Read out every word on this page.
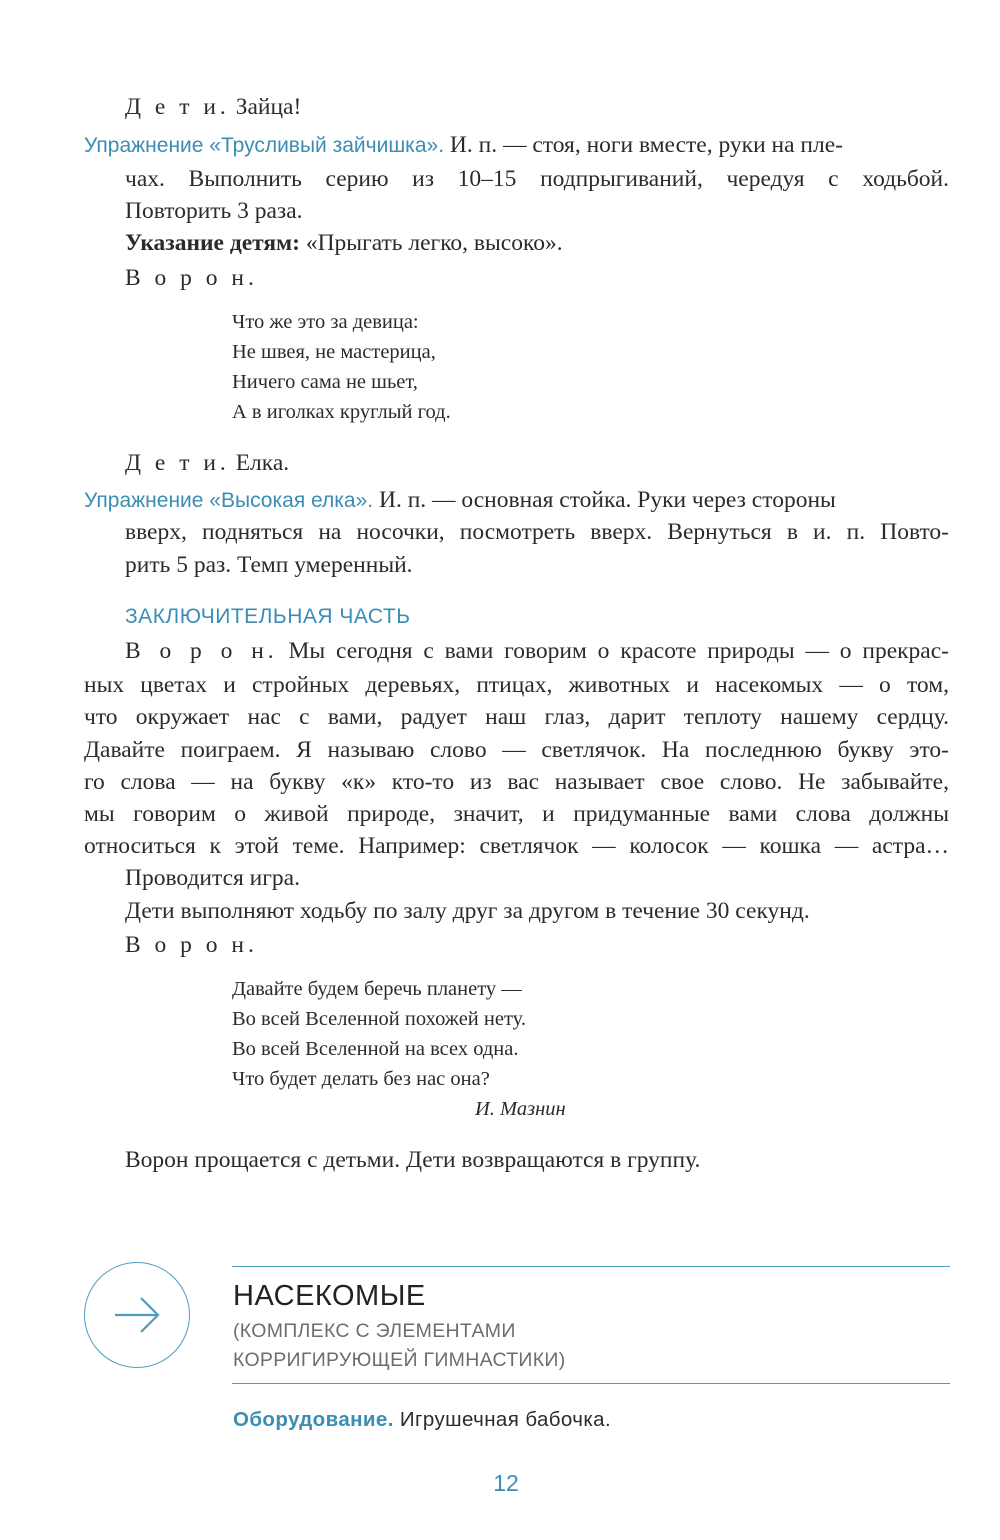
Д е т и. Зайца!
Упражнение «Трусливый зайчишка». И. п. — стоя, ноги вместе, руки на пле-
чах. Выполнить серию из 10–15 подпрыгиваний, чередуя с ходьбой.
Повторить 3 раза.
Указание детям: «Прыгать легко, высоко».
В о р о н.
Что же это за девица:
Не швея, не мастерица,
Ничего сама не шьет,
А в иголках круглый год.
Д е т и. Елка.
Упражнение «Высокая елка». И. п. — основная стойка. Руки через стороны
вверх, подняться на носочки, посмотреть вверх. Вернуться в и. п. Повто-
рить 5 раз. Темп умеренный.
ЗАКЛЮЧИТЕЛЬНАЯ ЧАСТЬ
В о р о н. Мы сегодня с вами говорим о красоте природы — о прекрас-
ных цветах и стройных деревьях, птицах, животных и насекомых — о том,
что окружает нас с вами, радует наш глаз, дарит теплоту нашему сердцу.
Давайте поиграем. Я называю слово — светлячок. На последнюю букву это-
го слова — на букву «к» кто-то из вас называет свое слово. Не забывайте,
мы говорим о живой природе, значит, и придуманные вами слова должны
относиться к этой теме. Например: светлячок — колосок — кошка — астра…
Проводится игра.
Дети выполняют ходьбу по залу друг за другом в течение 30 секунд.
В о р о н.
Давайте будем беречь планету —
Во всей Вселенной похожей нету.
Во всей Вселенной на всех одна.
Что будет делать без нас она?
И. Мазнин
Ворон прощается с детьми. Дети возвращаются в группу.
НАСЕКОМЫЕ
(КОМПЛЕКС С ЭЛЕМЕНТАМИ
КОРРИГИРУЮЩЕЙ ГИМНАСТИКИ)
Оборудование. Игрушечная бабочка.
12
